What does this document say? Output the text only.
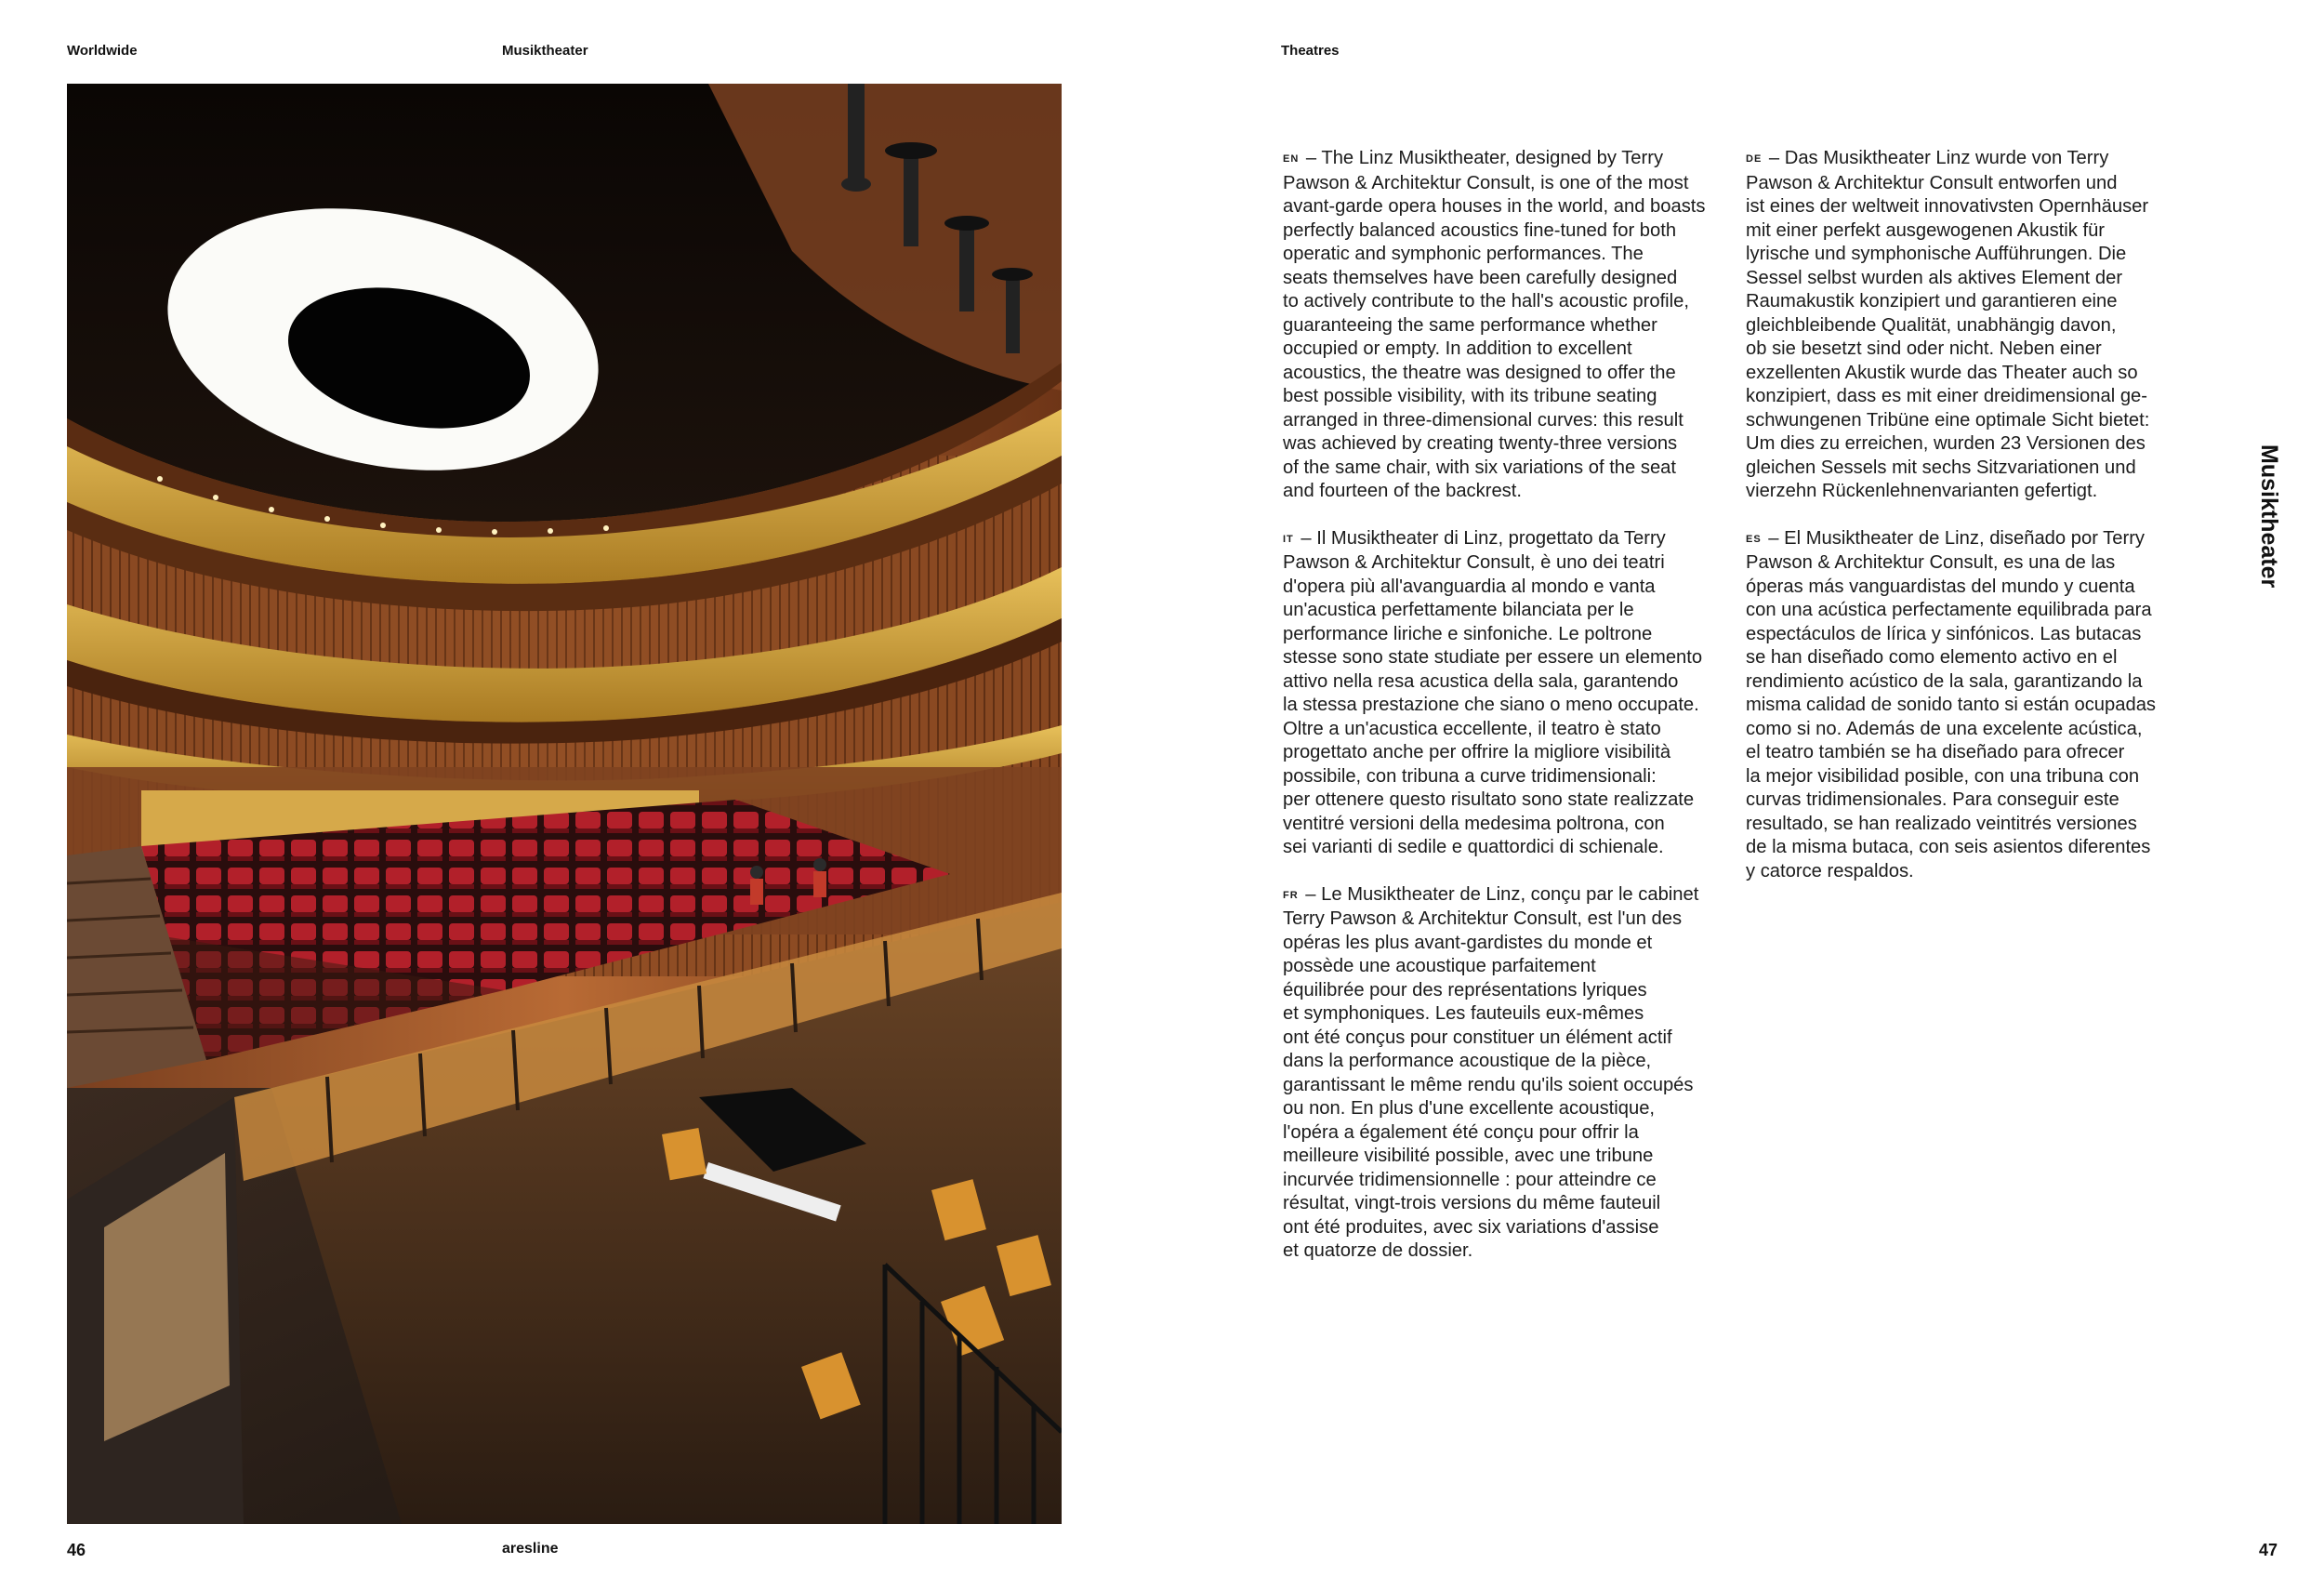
Worldwide	Musiktheater	Theatres

EN – The Linz Musiktheater, designed by Terry
Pawson & Architektur Consult, is one of the most
avant-garde opera houses in the world, and boasts
perfectly balanced acoustics fine-tuned for both
operatic and symphonic performances. The
seats themselves have been carefully designed
to actively contribute to the hall's acoustic profile,
guaranteeing the same performance whether
occupied or empty. In addition to excellent
acoustics, the theatre was designed to offer the
best possible visibility, with its tribune seating
arranged in three-dimensional curves: this result
was achieved by creating twenty-three versions
of the same chair, with six variations of the seat
and fourteen of the backrest.

IT – Il Musiktheater di Linz, progettato da Terry
Pawson & Architektur Consult, è uno dei teatri
d'opera più all'avanguardia al mondo e vanta
un'acustica perfettamente bilanciata per le
performance liriche e sinfoniche. Le poltrone
stesse sono state studiate per essere un elemento
attivo nella resa acustica della sala, garantendo
la stessa prestazione che siano o meno occupate.
Oltre a un'acustica eccellente, il teatro è stato
progettato anche per offrire la migliore visibilità
possibile, con tribuna a curve tridimensionali:
per ottenere questo risultato sono state realizzate
ventitré versioni della medesima poltrona, con
sei varianti di sedile e quattordici di schienale.

FR – Le Musiktheater de Linz, conçu par le cabinet
Terry Pawson & Architektur Consult, est l'un des
opéras les plus avant-gardistes du monde et
possède une acoustique parfaitement
équilibrée pour des représentations lyriques
et symphoniques. Les fauteuils eux-mêmes
ont été conçus pour constituer un élément actif
dans la performance acoustique de la pièce,
garantissant le même rendu qu'ils soient occupés
ou non. En plus d'une excellente acoustique,
l'opéra a également été conçu pour offrir la
meilleure visibilité possible, avec une tribune
incurvée tridimensionnelle : pour atteindre ce
résultat, vingt-trois versions du même fauteuil
ont été produites, avec six variations d'assise
et quatorze de dossier.

DE – Das Musiktheater Linz wurde von Terry
Pawson & Architektur Consult entworfen und
ist eines der weltweit innovativsten Opernhäuser
mit einer perfekt ausgewogenen Akustik für
lyrische und symphonische Aufführungen. Die
Sessel selbst wurden als aktives Element der
Raumakustik konzipiert und garantieren eine
gleichbleibende Qualität, unabhängig davon,
ob sie besetzt sind oder nicht. Neben einer
exzellenten Akustik wurde das Theater auch so
konzipiert, dass es mit einer dreidimensional ge-
schwungenen Tribüne eine optimale Sicht bietet:
Um dies zu erreichen, wurden 23 Versionen des
gleichen Sessels mit sechs Sitzvariationen und
vierzehn Rückenlehnenvarianten gefertigt.

ES – El Musiktheater de Linz, diseñado por Terry
Pawson & Architektur Consult, es una de las
óperas más vanguardistas del mundo y cuenta
con una acústica perfectamente equilibrada para
espectáculos de lírica y sinfónicos. Las butacas
se han diseñado como elemento activo en el
rendimiento acústico de la sala, garantizando la
misma calidad de sonido tanto si están ocupadas
como si no. Además de una excelente acústica,
el teatro también se ha diseñado para ofrecer
la mejor visibilidad posible, con una tribuna con
curvas tridimensionales. Para conseguir este
resultado, se han realizado veintitrés versiones
de la misma butaca, con seis asientos diferentes
y catorce respaldos.

Musiktheater
46	aresline	47
